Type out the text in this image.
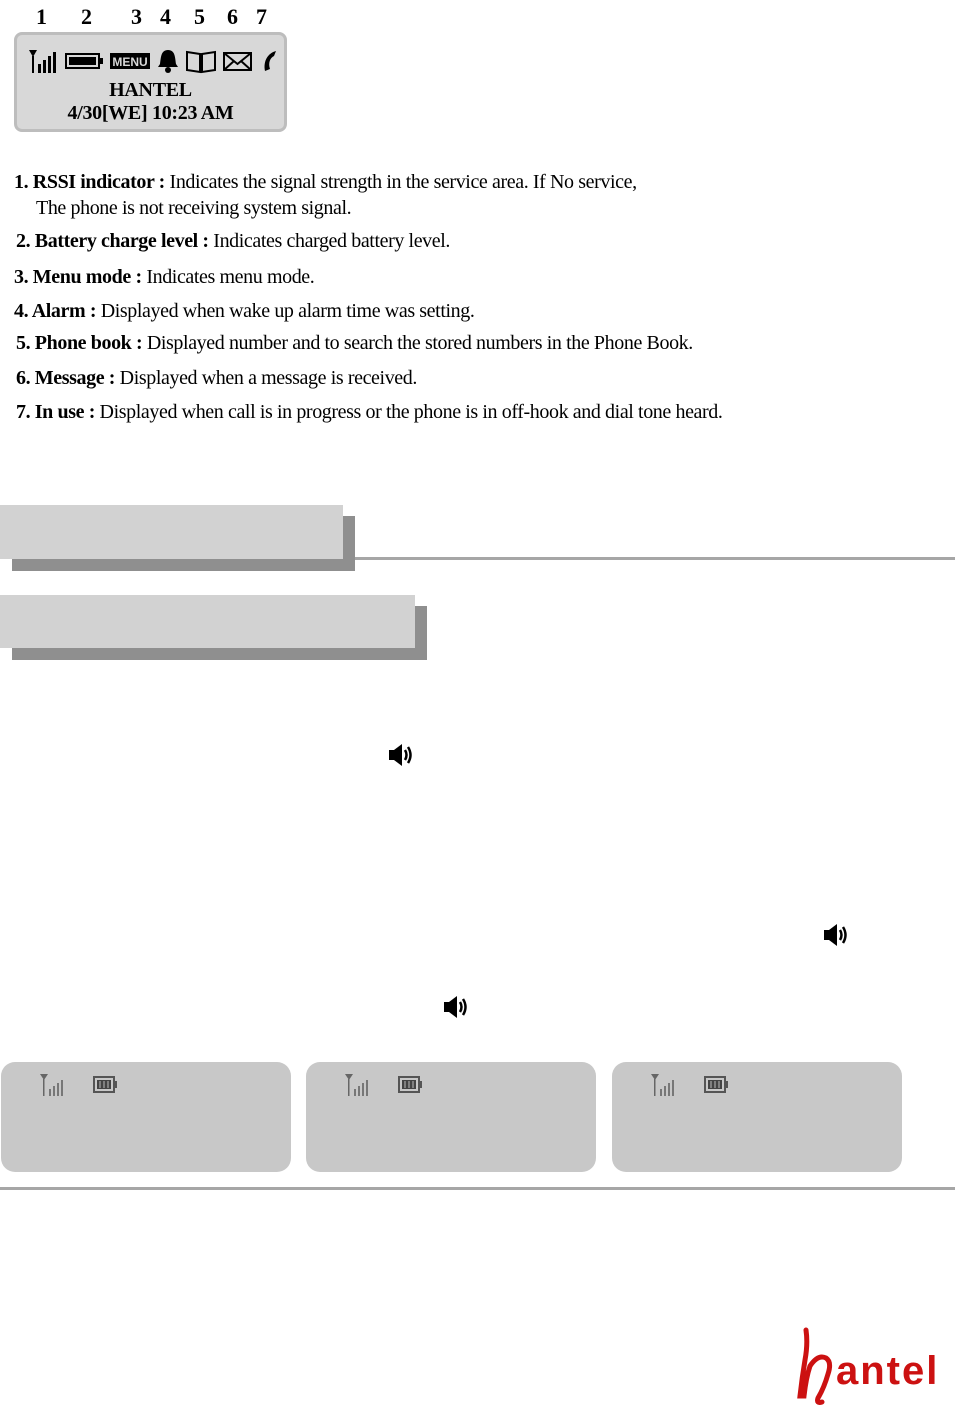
1 2 3 4 5 6 7
MENU
HANTEL
4/30[WE] 10:23 AM
1. RSSI indicator : Indicates the signal strength in the service area. If No service,
The phone is not receiving system signal.
2. Battery charge level : Indicates charged battery level.
3. Menu mode : Indicates menu mode.
4. Alarm : Displayed when wake up alarm time was setting.
5. Phone book : Displayed number and to search the stored numbers in the Phone Book.
6. Message : Displayed when a message is received.
7. In use : Displayed when call is in progress or the phone is in off-hook and dial tone heard.
antel
